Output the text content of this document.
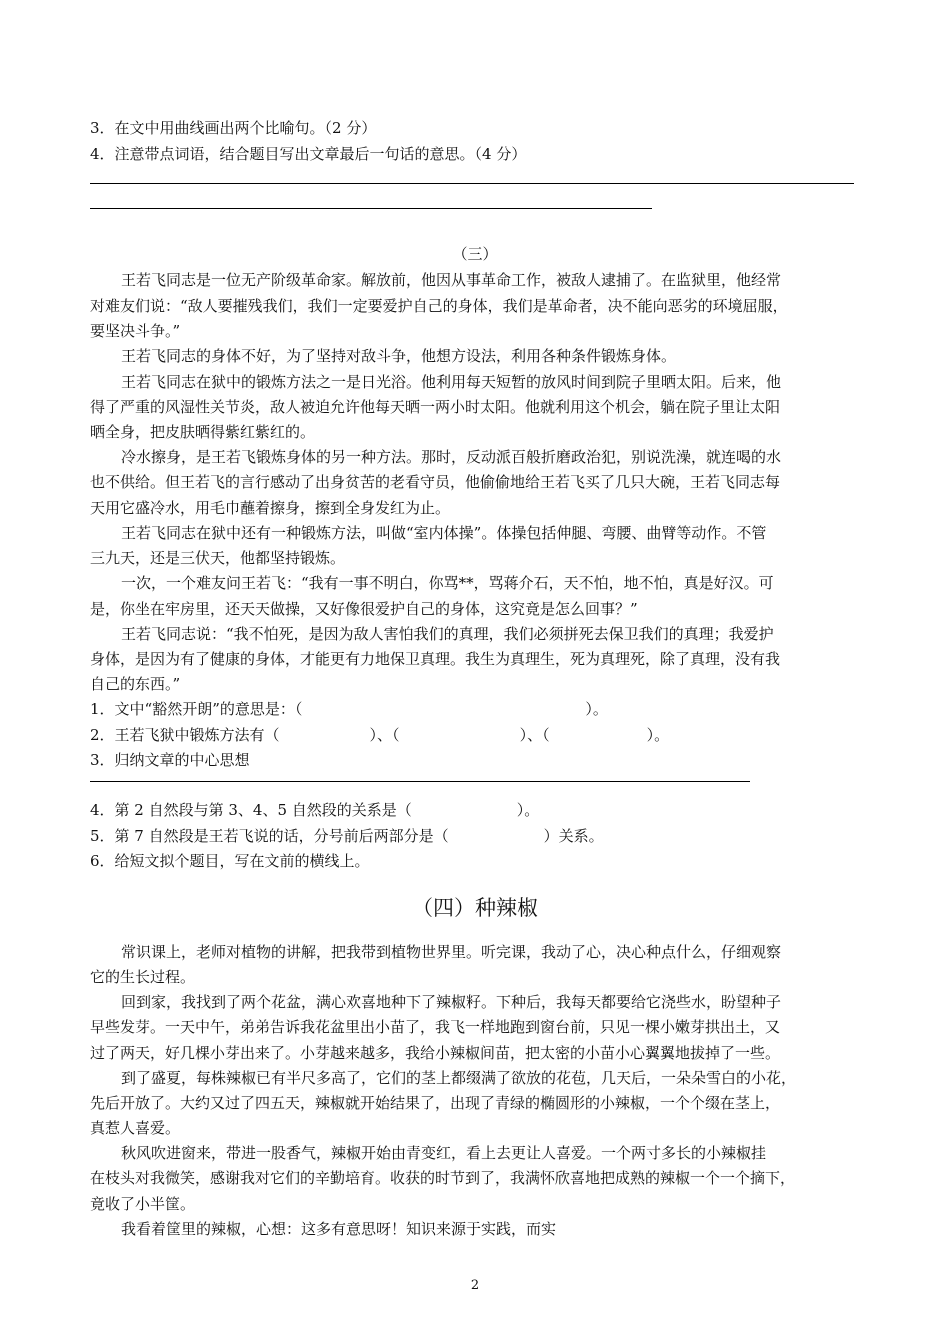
3．在文中用曲线画出两个比喻句。（2 分）
4．注意带点词语，结合题目写出文章最后一句话的意思。（4 分）
（三）
王若飞同志是一位无产阶级革命家。解放前，他因从事革命工作，被敌人逮捕了。在监狱里，他经常
对难友们说：“敌人要摧残我们，我们一定要爱护自己的身体，我们是革命者，决不能向恶劣的环境屈服，
要坚决斗争。”
王若飞同志的身体不好，为了坚持对敌斗争，他想方设法，利用各种条件锻炼身体。
王若飞同志在狱中的锻炼方法之一是日光浴。他利用每天短暂的放风时间到院子里晒太阳。后来，他
得了严重的风湿性关节炎，敌人被迫允许他每天晒一两小时太阳。他就利用这个机会，躺在院子里让太阳
晒全身，把皮肤晒得紫红紫红的。
冷水擦身，是王若飞锻炼身体的另一种方法。那时，反动派百般折磨政治犯，别说洗澡，就连喝的水
也不供给。但王若飞的言行感动了出身贫苦的老看守员，他偷偷地给王若飞买了几只大碗，王若飞同志每
天用它盛冷水，用毛巾蘸着擦身，擦到全身发红为止。
王若飞同志在狱中还有一种锻炼方法，叫做“室内体操”。体操包括伸腿、弯腰、曲臂等动作。不管
三九天，还是三伏天，他都坚持锻炼。
一次，一个难友问王若飞：“我有一事不明白，你骂**，骂蒋介石，天不怕，地不怕，真是好汉。可
是，你坐在牢房里，还天天做操，又好像很爱护自己的身体，这究竟是怎么回事？”
王若飞同志说：“我不怕死，是因为敌人害怕我们的真理，我们必须拼死去保卫我们的真理；我爱护
身体，是因为有了健康的身体，才能更有力地保卫真理。我生为真理生，死为真理死，除了真理，没有我
自己的东西。”
1．文中“豁然开朗”的意思是：（	）。
2．王若飞狱中锻炼方法有（	）、（	）、（	）。
3．归纳文章的中心思想
4．第 2 自然段与第 3、4、5 自然段的关系是（	）。
5．第 7 自然段是王若飞说的话，分号前后两部分是（	）关系。
6．给短文拟个题目，写在文前的横线上。
（四）种辣椒
常识课上，老师对植物的讲解，把我带到植物世界里。听完课，我动了心，决心种点什么，仔细观察
它的生长过程。
回到家，我找到了两个花盆，满心欢喜地种下了辣椒籽。下种后，我每天都要给它浇些水，盼望种子
早些发芽。一天中午，弟弟告诉我花盆里出小苗了，我飞一样地跑到窗台前，只见一棵小嫩芽拱出土，又
过了两天，好几棵小芽出来了。小芽越来越多，我给小辣椒间苗，把太密的小苗小心翼翼地拔掉了一些。
到了盛夏，每株辣椒已有半尺多高了，它们的茎上都缀满了欲放的花苞，几天后，一朵朵雪白的小花，
先后开放了。大约又过了四五天，辣椒就开始结果了，出现了青绿的椭圆形的小辣椒，一个个缀在茎上，
真惹人喜爱。
秋风吹进窗来，带进一股香气，辣椒开始由青变红，看上去更让人喜爱。一个两寸多长的小辣椒挂
在枝头对我微笑，感谢我对它们的辛勤培育。收获的时节到了，我满怀欣喜地把成熟的辣椒一个一个摘下，
竟收了小半筐。
我看着筐里的辣椒，心想：这多有意思呀！知识来源于实践，而实
2
